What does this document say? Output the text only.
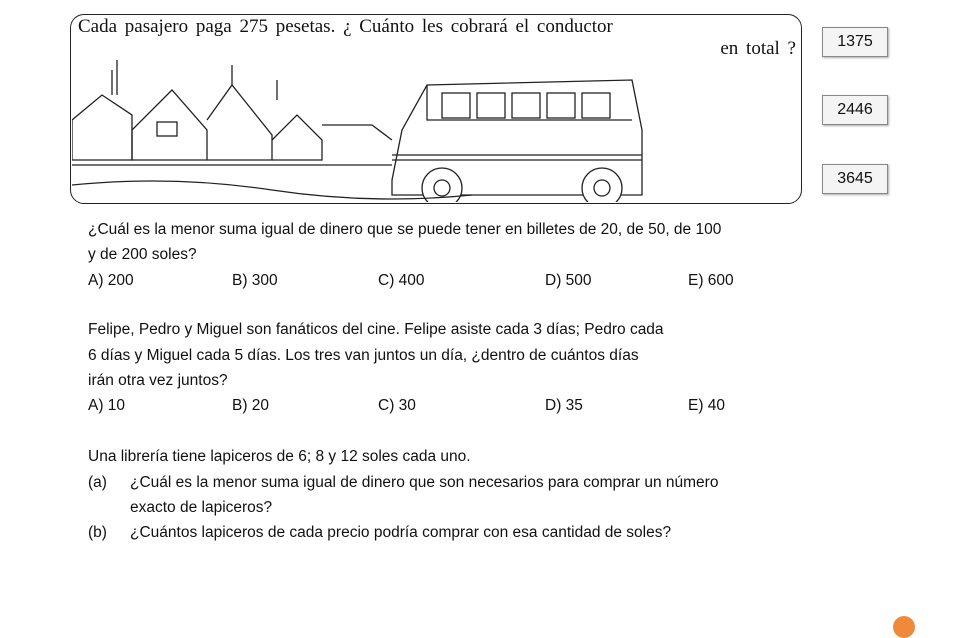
Cada pasajero paga 275 pesetas. ¿ Cuánto les cobrará el conductor
en total ?	1375
2446
3645
¿Cuál es la menor suma igual de dinero que se puede tener en billetes de 20, de 50, de 100
y de 200 soles?
A) 200	B) 300	C) 400	D) 500	E) 600
Felipe, Pedro y Miguel son fanáticos del cine. Felipe asiste cada 3 días; Pedro cada
6 días y Miguel cada 5 días. Los tres van juntos un día, ¿dentro de cuántos días
irán otra vez juntos?
A) 10	B) 20	C) 30	D) 35	E) 40
Una librería tiene lapiceros de 6; 8 y 12 soles cada uno.
(a) ¿Cuál es la menor suma igual de dinero que son necesarios para comprar un número
exacto de lapiceros?
(b) ¿Cuántos lapiceros de cada precio podría comprar con esa cantidad de soles?
